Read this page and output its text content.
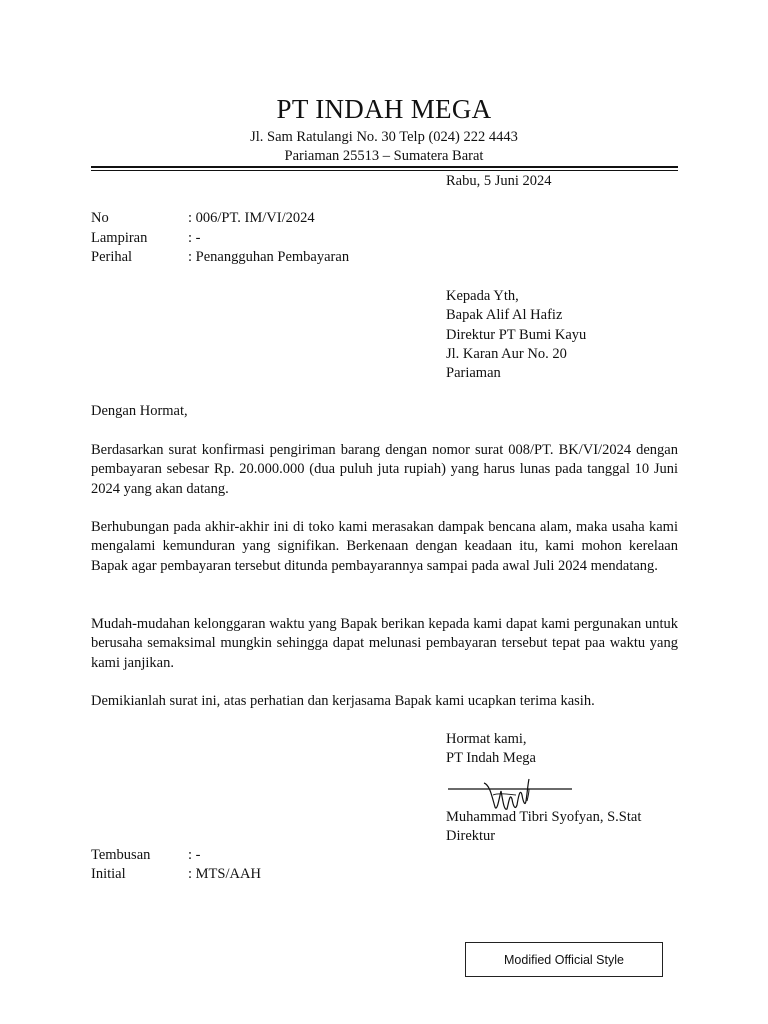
PT INDAH MEGA
Jl. Sam Ratulangi No. 30 Telp (024) 222 4443
Pariaman 25513 – Sumatera Barat
Rabu, 5 Juni 2024
No	: 006/PT. IM/VI/2024
Lampiran	: -
Perihal	: Penangguhan Pembayaran
Kepada Yth,
Bapak Alif Al Hafiz
Direktur PT Bumi Kayu
Jl. Karan Aur No. 20
Pariaman
Dengan Hormat,
Berdasarkan surat konfirmasi pengiriman barang dengan nomor surat 008/PT. BK/VI/2024 dengan pembayaran sebesar Rp. 20.000.000 (dua puluh juta rupiah) yang harus lunas pada tanggal 10 Juni 2024 yang akan datang.
Berhubungan pada akhir-akhir ini di toko kami merasakan dampak bencana alam, maka usaha kami mengalami kemunduran yang signifikan. Berkenaan dengan keadaan itu, kami mohon kerelaan Bapak agar pembayaran tersebut ditunda pembayarannya sampai pada awal Juli 2024 mendatang.
Mudah-mudahan kelonggaran waktu yang Bapak berikan kepada kami dapat kami pergunakan untuk berusaha semaksimal mungkin sehingga dapat melunasi pembayaran tersebut tepat paa waktu yang kami janjikan.
Demikianlah surat ini, atas perhatian dan kerjasama Bapak kami ucapkan terima kasih.
Hormat kami,
PT Indah Mega
Muhammad Tibri Syofyan, S.Stat
Direktur
Tembusan	: -
Initial	: MTS/AAH
Modified Official Style
